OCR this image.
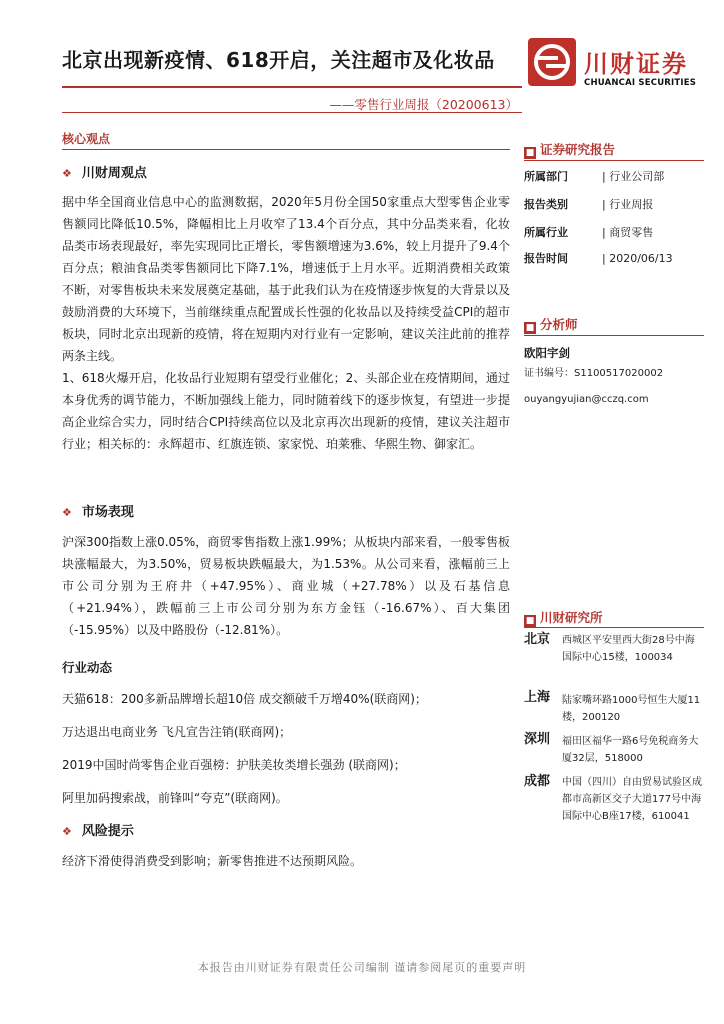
北京出现新疫情、618开启，关注超市及化妆品
——零售行业周报（20200613）
川财证券
CHUANCAI SECURITIES
核心观点
❖ 川财周观点

据中华全国商业信息中心的监测数据，2020年5月份全国50家重点大型零售企业零售额同比降低10.5%，降幅相比上月收窄了13.4个百分点，其中分品类来看，化妆品类市场表现最好，率先实现同比正增长，零售额增速为3.6%，较上月提升了9.4个百分点；粮油食品类零售额同比下降7.1%，增速低于上月水平。近期消费相关政策不断，对零售板块未来发展奠定基础，基于此我们认为在疫情逐步恢复的大背景以及鼓励消费的大环境下，当前继续重点配置成长性强的化妆品以及持续受益CPI的超市板块，同时北京出现新的疫情，将在短期内对行业有一定影响，建议关注此前的推荐两条主线。

1、618火爆开启，化妆品行业短期有望受行业催化；2、头部企业在疫情期间，通过本身优秀的调节能力，不断加强线上能力，同时随着线下的逐步恢复，有望进一步提高企业综合实力，同时结合CPI持续高位以及北京再次出现新的疫情，建议关注超市行业；相关标的：永辉超市、红旗连锁、家家悦、珀莱雅、华熙生物、御家汇。

❖ 市场表现

沪深300指数上涨0.05%，商贸零售指数上涨1.99%；从板块内部来看，一般零售板块涨幅最大，为3.50%，贸易板块跌幅最大，为1.53%。从公司来看，涨幅前三上市公司分别为王府井（+47.95%）、商业城（+27.78%）以及石基信息（+21.94%），跌幅前三上市公司分别为东方金钰（-16.67%）、百大集团（-15.95%）以及中路股份（-12.81%）。

行业动态
天猫618：200多新品牌增长超10倍 成交额破千万增40%(联商网)；
万达退出电商业务 飞凡宣告注销(联商网)；
2019中国时尚零售企业百强榜：护肤美妆类增长强劲 (联商网)；
阿里加码搜索战，前锋叫“夸克”(联商网)。
❖ 风险提示
经济下滑使得消费受到影响；新零售推进不达预期风险。
■ 证券研究报告
所属部门	| 行业公司部
报告类别	| 行业周报
所属行业	| 商贸零售
报告时间	| 2020/06/13
■ 分析师
欧阳宇剑
证书编号：S1100517020002
ouyangyujian@cczq.com
■ 川财研究所
北京 西城区平安里西大街28号中海国际中心15楼，100034
上海 陆家嘴环路1000号恒生大厦11楼，200120
深圳 福田区福华一路6号免税商务大厦32层，518000
成都 中国（四川）自由贸易试验区成都市高新区交子大道177号中海国际中心B座17楼，610041
本报告由川财证券有限责任公司编制 谨请参阅尾页的重要声明
